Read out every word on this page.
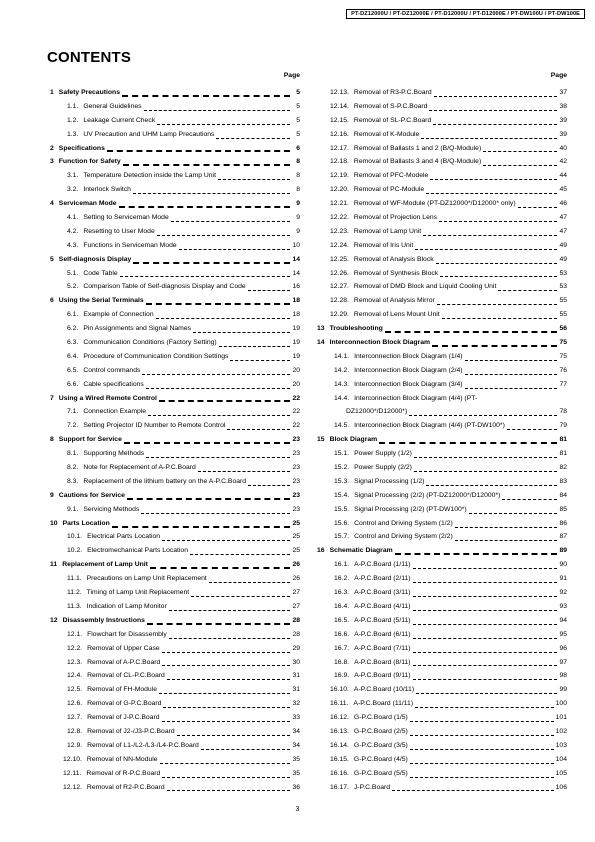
PT-DZ12000U / PT-DZ12000E / PT-D12000U / PT-D12000E / PT-DW100U / PT-DW100E
CONTENTS
Page
1 Safety Precautions	5
1.1. General Guidelines	5
1.2. Leakage Current Check	5
1.3. UV Precaution and UHM Lamp Precautions	5
2 Specifications	6
3 Function for Safety	8
3.1. Temperature Detection inside the Lamp Unit	8
3.2. Interlock Switch	8
4 Serviceman Mode	9
4.1. Setting to Serviceman Mode	9
4.2. Resetting to User Mode	9
4.3. Functions in Serviceman Mode	10
5 Self-diagnosis Display	14
5.1. Code Table	14
5.2. Comparison Table of Self-diagnosis Display and Code	16
6 Using the Serial Terminals	18
6.1. Example of Connection	18
6.2. Pin Assignments and Signal Names	19
6.3. Communication Conditions (Factory Setting)	19
6.4. Procedure of Communication Condition Settings	19
6.5. Control commands	20
6.6. Cable specifications	20
7 Using a Wired Remote Control	22
7.1. Connection Example	22
7.2. Setting Projector ID Number to Remote Control	22
8 Support for Service	23
8.1. Supporting Methods	23
8.2. Note for Replacement of A-P.C.Board	23
8.3. Replacement of the lithium battery on the A-P.C.Board	23
9 Cautions for Service	23
9.1. Servicing Methods	23
10 Parts Location	25
10.1. Electrical Parts Location	25
10.2. Electromechanical Parts Location	25
11 Replacement of Lamp Unit	26
11.1. Precautions on Lamp Unit Replacement	26
11.2. Timing of Lamp Unit Replacement	27
11.3. Indication of Lamp Monitor	27
12 Disassembly Instructions	28
12.1. Flowchart for Disassembly	28
12.2. Removal of Upper Case	29
12.3. Removal of A-P.C.Board	30
12.4. Removal of CL-P.C.Board	31
12.5. Removal of FH-Module	31
12.6. Removal of G-P.C.Board	32
12.7. Removal of J-P.C.Board	33
12.8. Removal of J2-/J3-P.C.Board	34
12.9. Removal of L1-/L2-/L3-/L4-P.C.Board	34
12.10. Removal of NN-Module	35
12.11. Removal of R-P.C.Board	35
12.12. Removal of R2-P.C.Board	36
Page
12.13. Removal of R3-P.C.Board	37
12.14. Removal of S-P.C.Board	38
12.15. Removal of SL-P.C.Board	39
12.16. Removal of K-Module	39
12.17. Removal of Ballasts 1 and 2 (B/Q-Module)	40
12.18. Removal of Ballasts 3 and 4 (B/Q-Module)	42
12.19. Removal of PFC-Modele	44
12.20. Removal of PC-Module	45
12.21. Removal of WF-Module (PT-DZ12000*/D12000* only)	46
12.22. Removal of Projection Lens	47
12.23. Removal of Lamp Unit	47
12.24. Removal of Iris Unit	49
12.25. Removal of Analysis Block	49
12.26. Removal of Synthesis Block	53
12.27. Removal of DMD Block and Liquid Cooling Unit	53
12.28. Removal of Analysis Mirror	55
12.29. Removal of Lens Mount Unit	55
13 Troubleshooting	56
14 Interconnection Block Diagram	75
14.1. Interconnection Block Diagram (1/4)	75
14.2. Interconnection Block Diagram (2/4)	76
14.3. Interconnection Block Diagram (3/4)	77
14.4. Interconnection Block Diagram (4/4) (PT-
DZ12000*/D12000*)	78
14.5. Interconnection Block Diagram (4/4) (PT-DW100*)	79
15 Block Diagram	81
15.1. Power Supply (1/2)	81
15.2. Power Supply (2/2)	82
15.3. Signal Processing (1/2)	83
15.4. Signal Processing (2/2) (PT-DZ12000*/D12000*)	84
15.5. Signal Processing (2/2) (PT-DW100*)	85
15.6. Control and Driving System (1/2)	86
15.7. Control and Driving System (2/2)	87
16 Schematic Diagram	89
16.1. A-P.C.Board (1/11)	90
16.2. A-P.C.Board (2/11)	91
16.3. A-P.C.Board (3/11)	92
16.4. A-P.C.Board (4/11)	93
16.5. A-P.C.Board (5/11)	94
16.6. A-P.C.Board (6/11)	95
16.7. A-P.C.Board (7/11)	96
16.8. A-P.C.Board (8/11)	97
16.9. A-P.C.Board (9/11)	98
16.10. A-P.C.Board (10/11)	99
16.11. A-P.C.Board (11/11)	100
16.12. G-P.C.Board (1/5)	101
16.13. G-P.C.Board (2/5)	102
16.14. G-P.C.Board (3/5)	103
16.15. G-P.C.Board (4/5)	104
16.16. G-P.C.Board (5/5)	105
16.17. J-P.C.Board	106
3
